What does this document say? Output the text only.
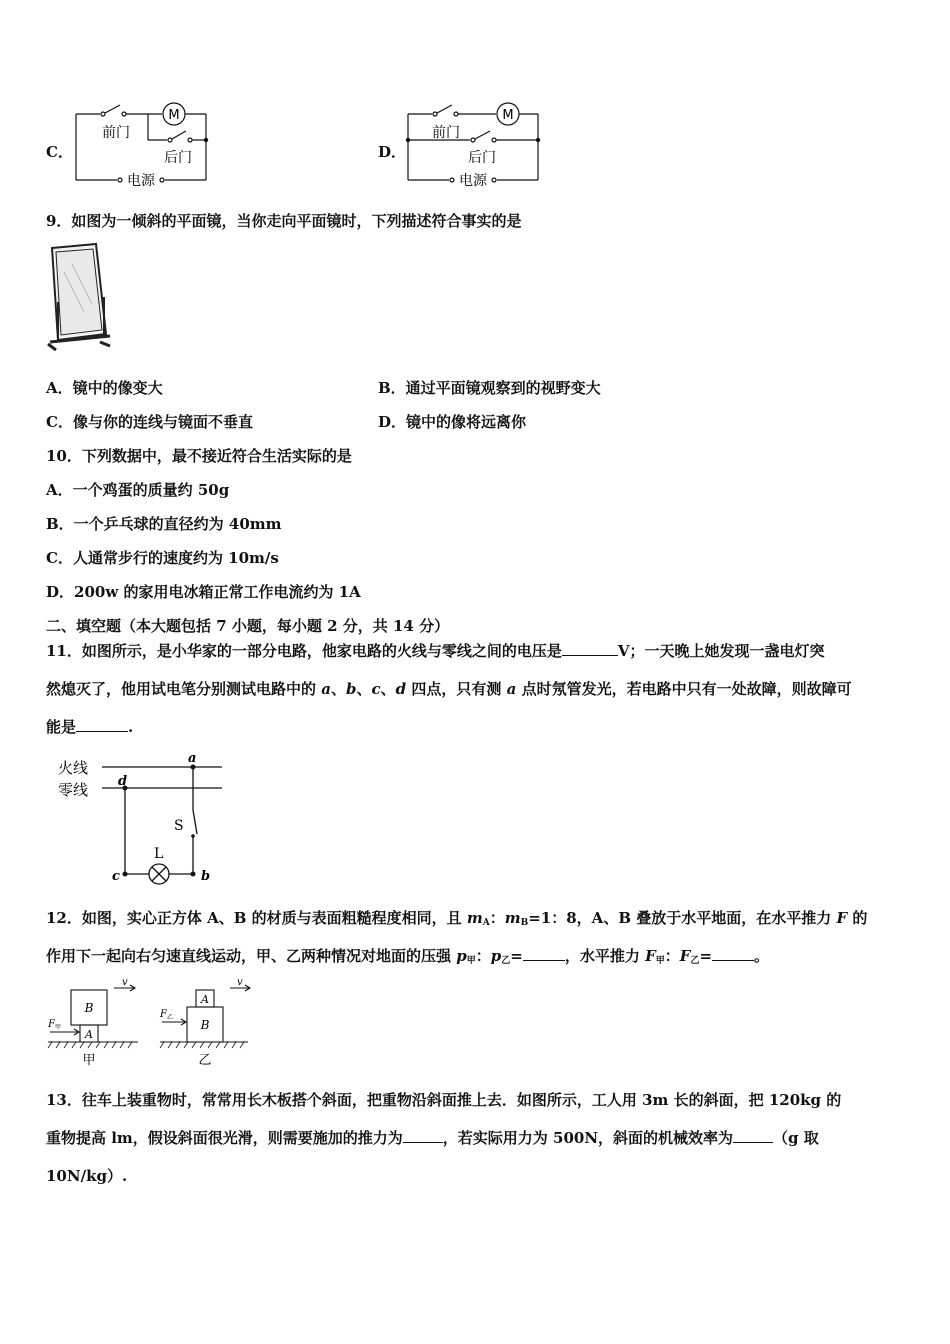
C．
M
前门
后门
电源
D．
M
前门
后门
电源
9．如图为一倾斜的平面镜，当你走向平面镜时，下列描述符合事实的是
A．镜中的像变大	B．通过平面镜观察到的视野变大
C．像与你的连线与镜面不垂直	D．镜中的像将远离你
10．下列数据中，最不接近符合生活实际的是
A．一个鸡蛋的质量约 50g
B．一个乒乓球的直径约为 40mm
C．人通常步行的速度约为 10m/s
D．200w 的家用电冰箱正常工作电流约为 1A
二、填空题（本大题包括 7 小题，每小题 2 分，共 14 分）
11．如图所示，是小华家的一部分电路，他家电路的火线与零线之间的电压是	V；一天晚上她发现一盏电灯突
然熄灭了，他用试电笔分别测试电路中的 a、b、c、d 四点，只有测 a 点时氖管发光，若电路中只有一处故障，则故障可
能是	.
火线
零线
a
d
c	b
S
L
12．如图，实心正方体 A、B 的材质与表面粗糙程度相同，且 $m_A$：$m_B=1$：8，A、B 叠放于水平地面，在水平推力 F 的
作用下一起向右匀速直线运动，甲、乙两种情况对地面的压强 $p_甲$：$p_乙=$	，水平推力 $F_甲$：$F_乙=$	。
A
B
A
B
$F_甲$
$F_乙$
v	v
甲	乙
13．往车上装重物时，常常用长木板搭个斜面，把重物沿斜面推上去．如图所示，工人用 3m 长的斜面，把 120kg 的
重物提高 lm，假设斜面很光滑，则需要施加的推力为	，若实际用力为 500N，斜面的机械效率为	（g 取
10N/kg）.
